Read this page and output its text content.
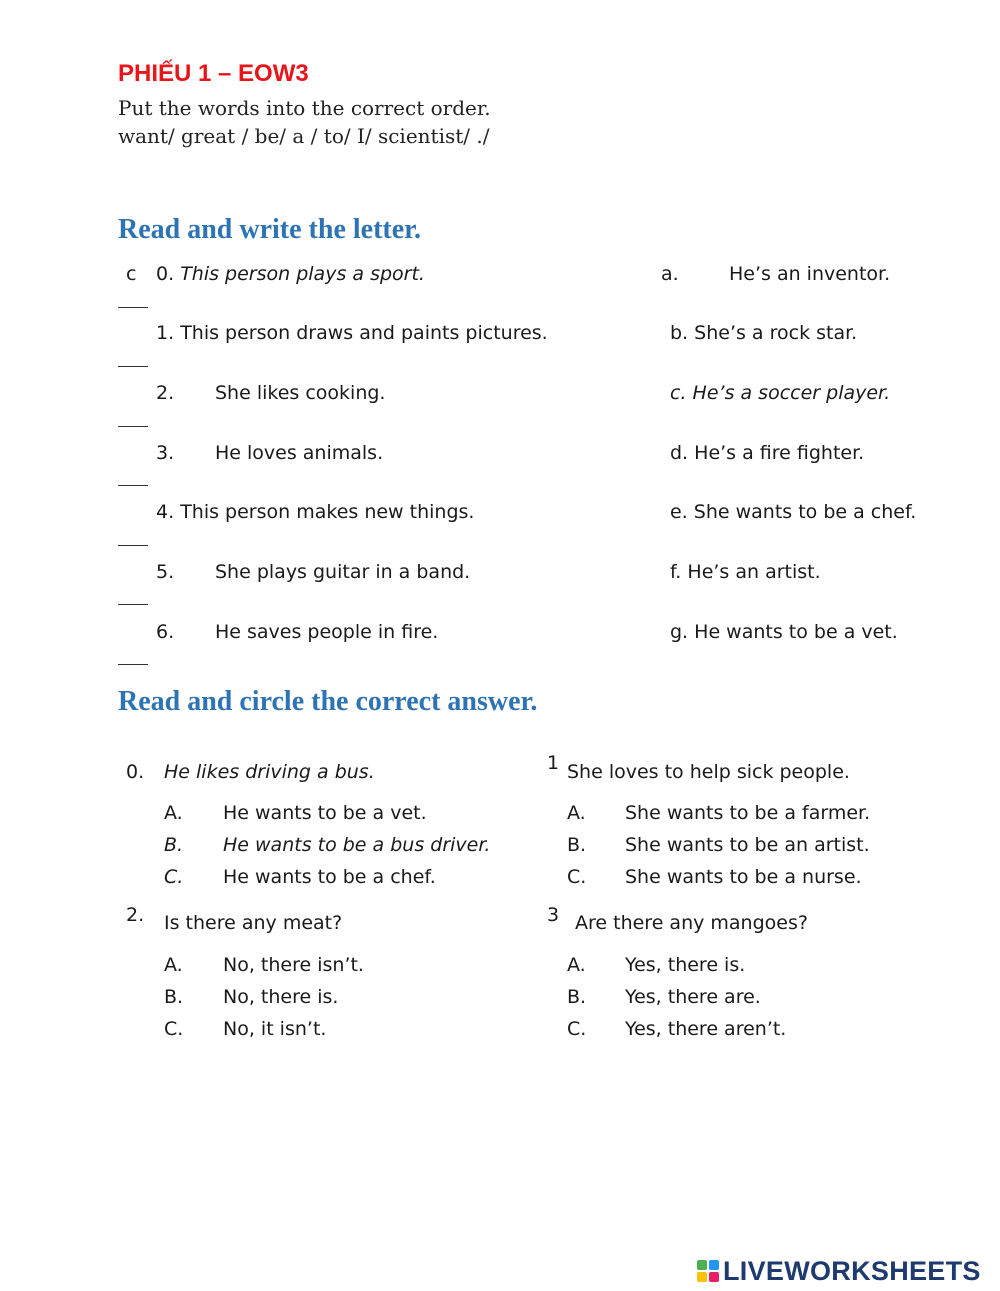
PHIẾU 1 – EOW3
Put the words into the correct order.
want/ great / be/ a / to/ I/ scientist/ ./
Read and write the letter.
c 0. This person plays a sport.
1. This person draws and paints pictures.
2. She likes cooking.
3. He loves animals.
4. This person makes new things.
5. She plays guitar in a band.
6. He saves people in fire.
a.	He’s an inventor.
b. She’s a rock star.
c. He’s a soccer player.
d. He’s a fire fighter.
e. She wants to be a chef.
f. He’s an artist.
g. He wants to be a vet.
Read and circle the correct answer.
0. He likes driving a bus.
A. He wants to be a vet.
B. He wants to be a bus driver.
C. He wants to be a chef.
1 She loves to help sick people.
A. She wants to be a farmer.
B. She wants to be an artist.
C. She wants to be a nurse.
2. Is there any meat?
A. No, there isn’t.
B. No, there is.
C. No, it isn’t.
3 Are there any mangoes?
A. Yes, there is.
B. Yes, there are.
C. Yes, there aren’t.
LIVEWORKSHEETS
